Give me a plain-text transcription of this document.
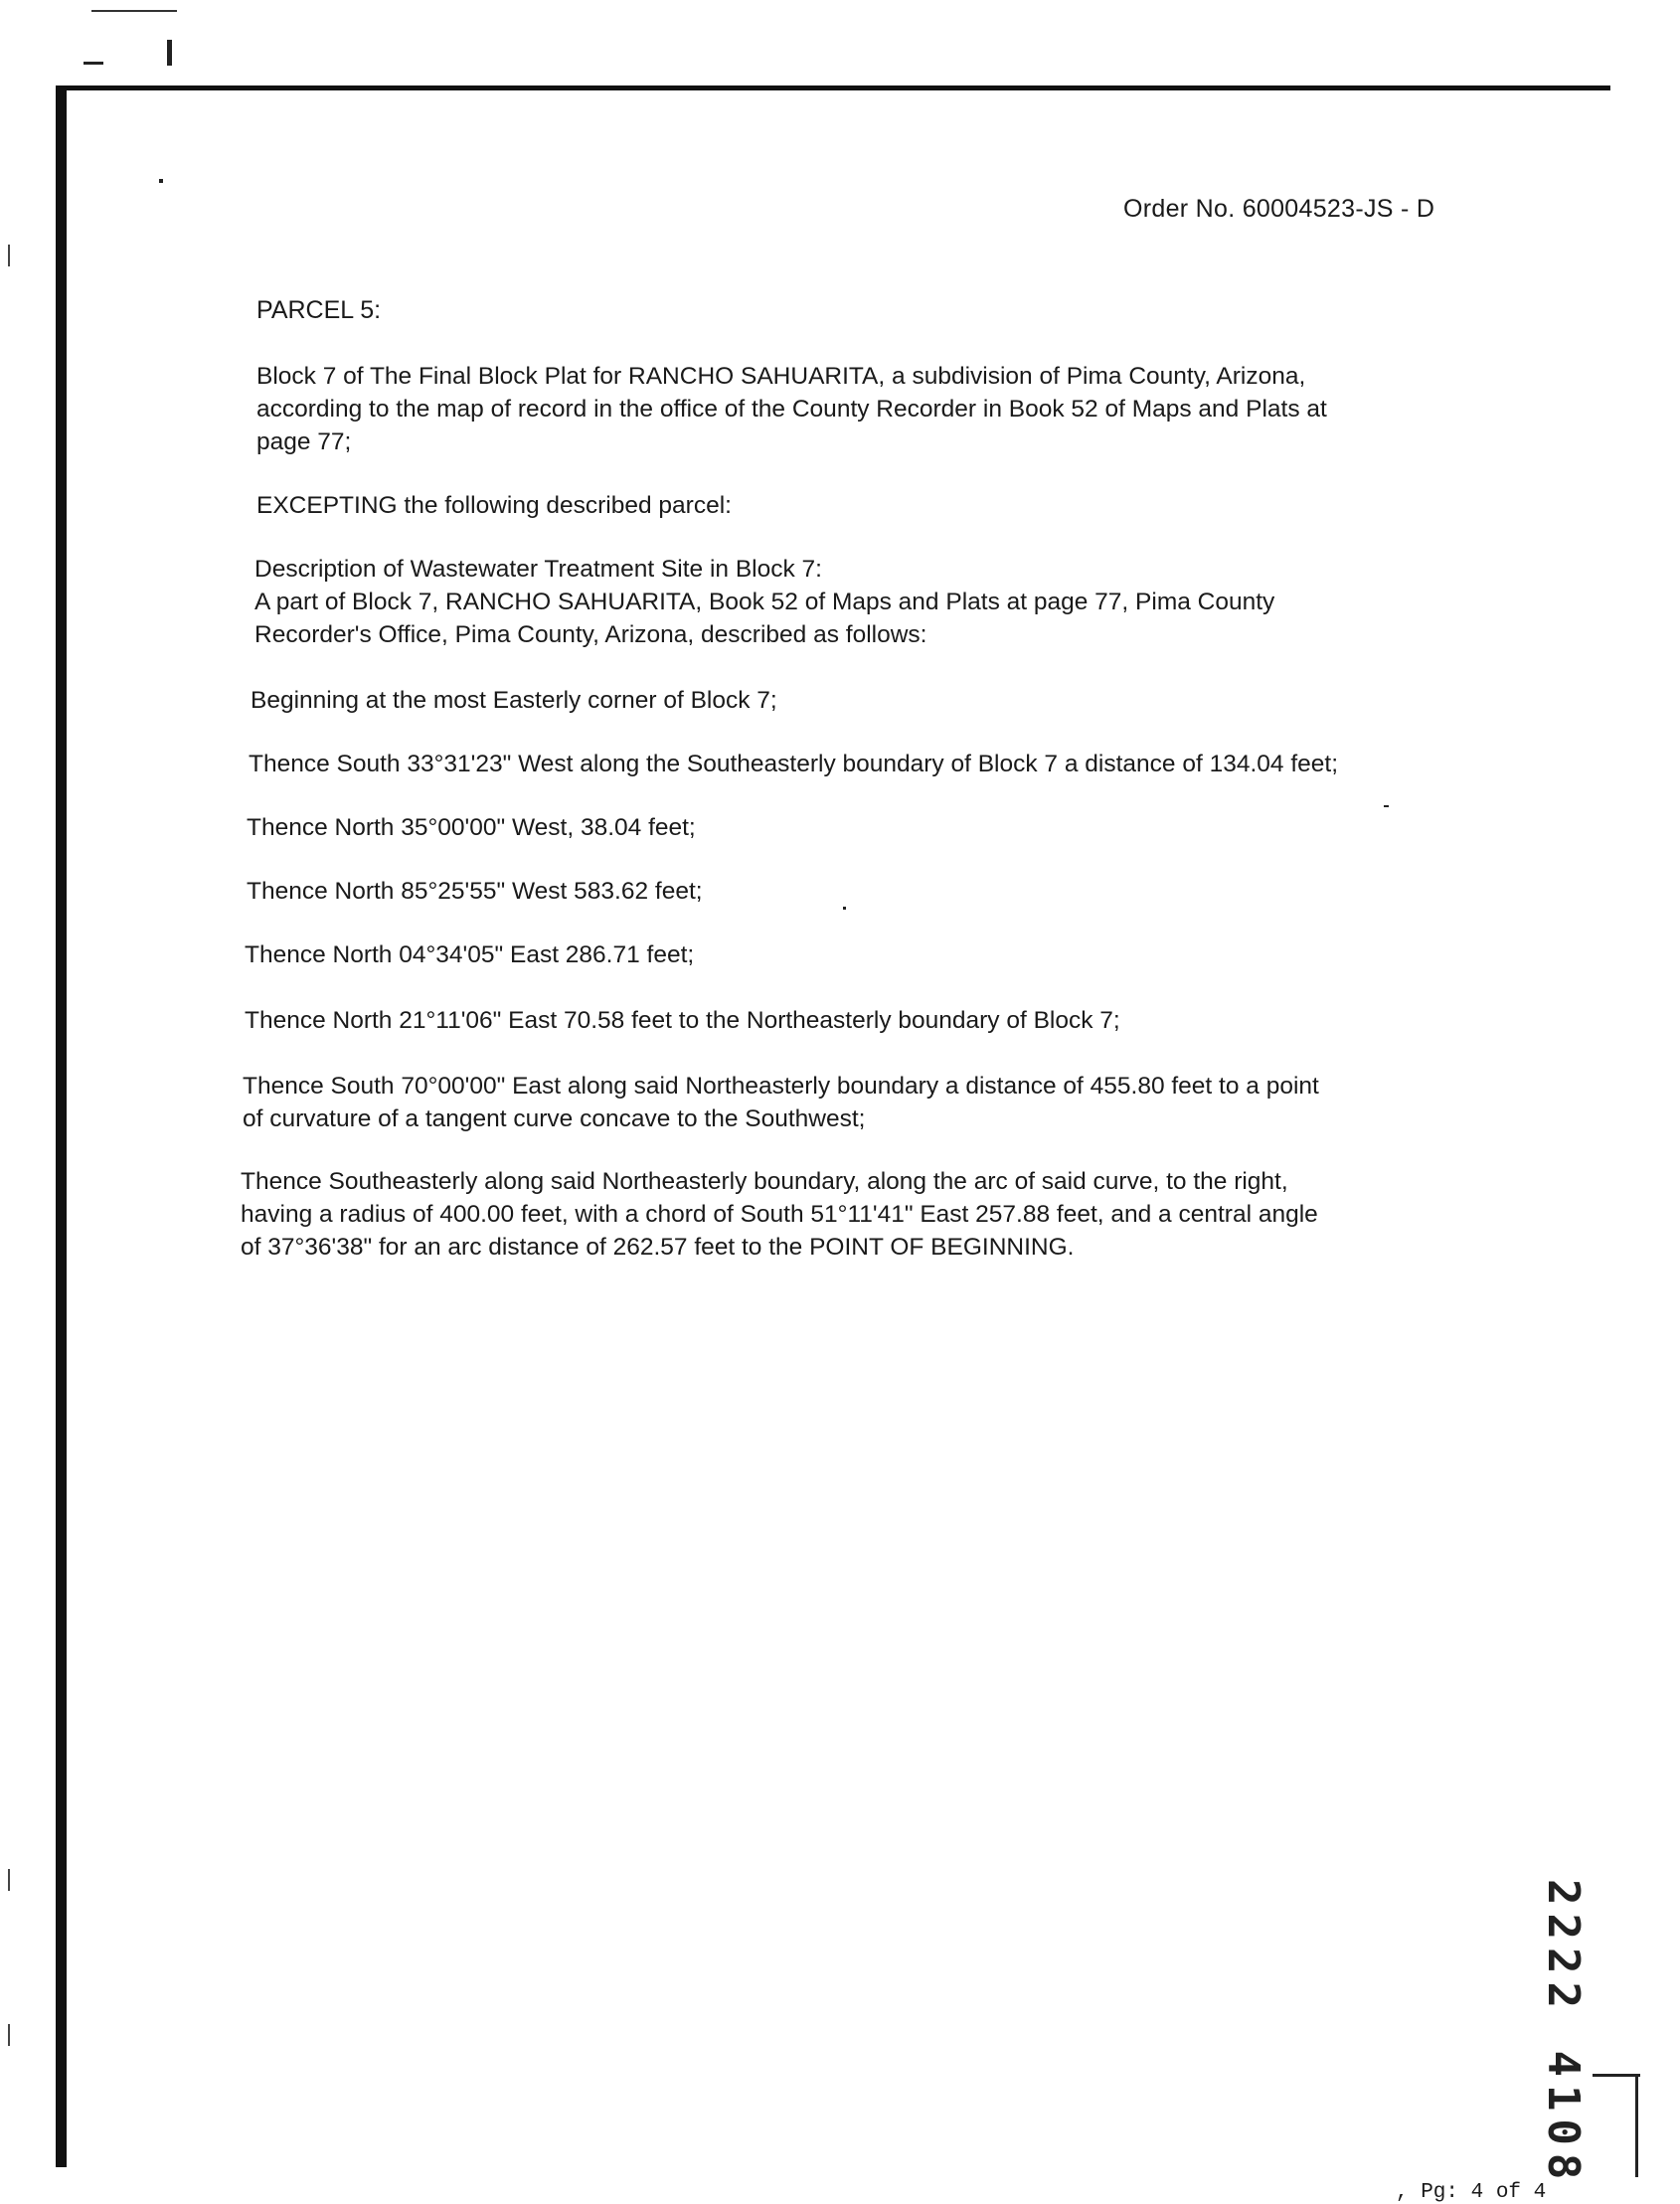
Order No. 60004523-JS - D
PARCEL 5:
Block 7 of The Final Block Plat for RANCHO SAHUARITA, a subdivision of Pima County, Arizona,
according to the map of record in the office of the County Recorder in Book 52 of Maps and Plats at
page 77;
EXCEPTING the following described parcel:
Description of Wastewater Treatment Site in Block 7:
A part of Block 7, RANCHO SAHUARITA, Book 52 of Maps and Plats at page 77, Pima County
Recorder's Office, Pima County, Arizona, described as follows:
Beginning at the most Easterly corner of Block 7;
Thence South 33°31'23" West along the Southeasterly boundary of Block 7 a distance of 134.04 feet;
Thence North 35°00'00" West, 38.04 feet;
Thence North 85°25'55" West 583.62 feet;
Thence North 04°34'05" East 286.71 feet;
Thence North 21°11'06" East 70.58 feet to the Northeasterly boundary of Block 7;
Thence South 70°00'00" East along said Northeasterly boundary a distance of 455.80 feet to a point
of curvature of a tangent curve concave to the Southwest;
Thence Southeasterly along said Northeasterly boundary, along the arc of said curve, to the right,
having a radius of 400.00 feet, with a chord of South 51°11'41" East 257.88 feet, and a central angle
of 37°36'38" for an arc distance of 262.57 feet to the POINT OF BEGINNING.
2222 4108
, Pg: 4 of 4
